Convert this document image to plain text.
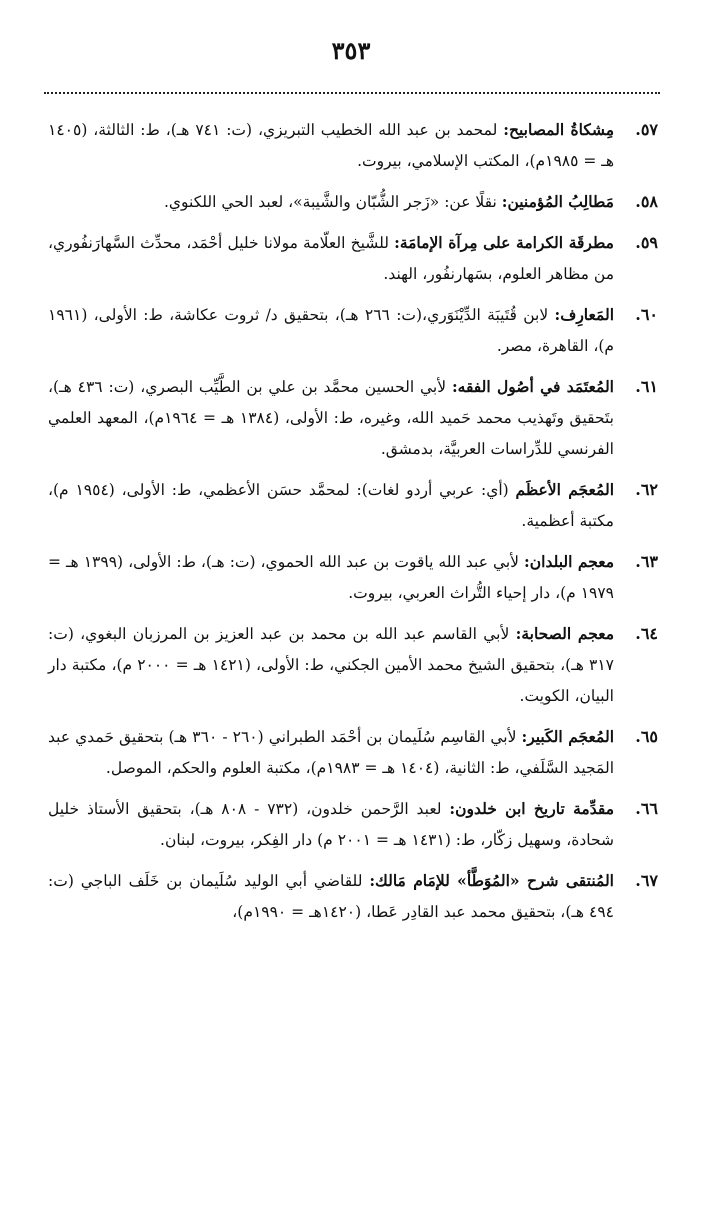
٣٥٣
٥٧.
مِشكاةُ المصابيح: لمحمد بن عبد الله الخطيب التبريزي، (ت: ٧٤١ هـ)، ط: الثالثة، (١٤٠٥ هـ = ١٩٨٥م)، المكتب الإسلامي، بيروت.
٥٨.
مَطالِبُ المُؤمنين: نقلًا عن: «زَجر الشُّبّان والشَّيبة»، لعبد الحي اللكنوي.
٥٩.
مطرقَة الكرامة على مِرآة الإمامَة: للشَّيخ العلّامة مولانا خليل أحْمَد، محدِّث السَّهارَنفُوري، من مظاهر العلوم، بسَهارنفُور، الهند.
٦٠.
المَعارِف: لابن قُتَيبَة الدِّيْنَوَري،(ت: ٢٦٦ هـ)، بتحقيق د/ ثروت عكاشة، ط: الأولى، (١٩٦١ م)، القاهرة، مصر.
٦١.
المُعتَمَد في أصُول الفقه: لأبي الحسين محمَّد بن علي بن الطَّيِّب البصري، (ت: ٤٣٦ هـ)، بتَحقيق وتَهذيب محمد حَميد الله، وغيره، ط: الأولى، (١٣٨٤ هـ = ١٩٦٤م)، المعهد العلمي الفرنسي للدِّراسات العربيَّة، بدمشق.
٦٢.
المُعجَم الأعظَم (أي: عربي أردو لغات): لمحمَّد حسَن الأعظمي، ط: الأولى، (١٩٥٤ م)، مكتبة أعظمية.
٦٣.
معجم البلدان: لأبي عبد الله ياقوت بن عبد الله الحموي، (ت: هـ)، ط: الأولى، (١٣٩٩ هـ = ١٩٧٩ م)، دار إحياء التُّراث العربي، بيروت.
٦٤.
معجم الصحابة: لأبي القاسم عبد الله بن محمد بن عبد العزيز بن المرزبان البغوي، (ت: ٣١٧ هـ)، بتحقيق الشيخ محمد الأمين الجكني، ط: الأولى، (١٤٢١ هـ = ٢٠٠٠ م)، مكتبة دار البيان، الكويت.
٦٥.
المُعجَم الكَبير: لأبي القاسِم سُلَيمان بن أحْمَد الطبراني (٢٦٠ - ٣٦٠ هـ) بتحقيق حَمدي عبد المَجيد السَّلَفي، ط: الثانية، (١٤٠٤ هـ = ١٩٨٣م)، مكتبة العلوم والحكم، الموصل.
٦٦.
مقدِّمة تاريخ ابن خلدون: لعبد الرَّحمن خلدون، (٧٣٢ - ٨٠٨ هـ)، بتحقيق الأستاذ خليل شحادة، وسهيل زكّار، ط: (١٤٣١ هـ = ٢٠٠١ م) دار الفِكر، بيروت، لبنان.
٦٧.
المُنتقى شرح «المُوَطَّأ» للإمَام مَالك: للقاضي أبي الوليد سُلَيمان بن خَلَف الباجي (ت: ٤٩٤ هـ)، بتحقيق محمد عبد القادِر عَطا، (١٤٢٠هـ = ١٩٩٠م)،
